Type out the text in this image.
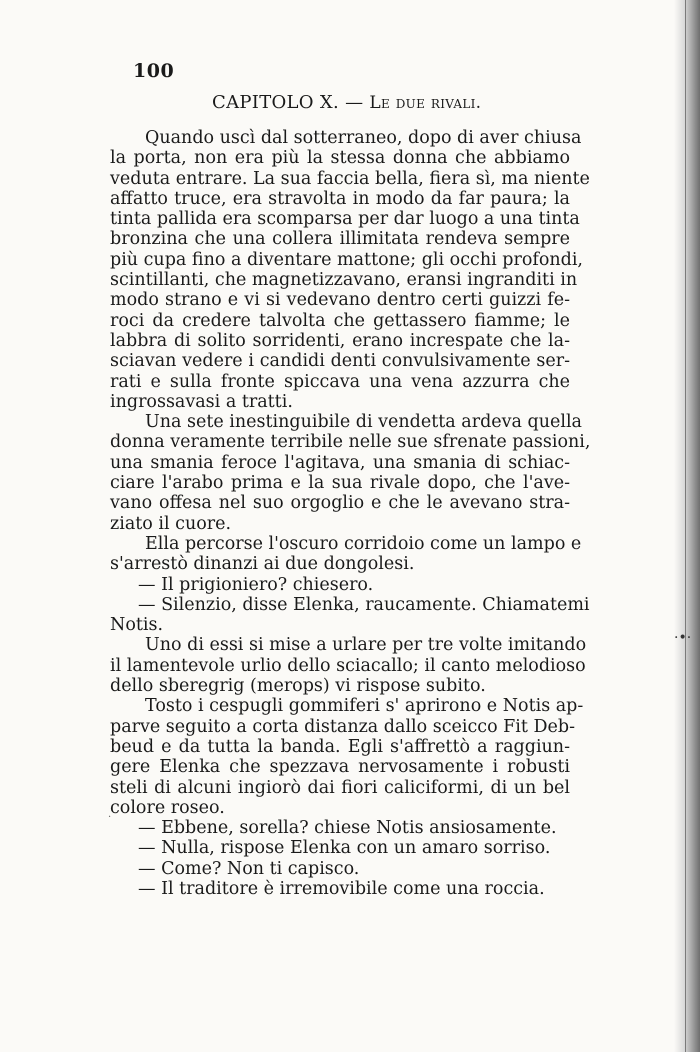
100
CAPITOLO X. — Le due rivali.
Quando uscì dal sotterraneo, dopo di aver chiusa
la porta, non era più la stessa donna che abbiamo
veduta entrare. La sua faccia bella, fiera sì, ma niente
affatto truce, era stravolta in modo da far paura; la
tinta pallida era scomparsa per dar luogo a una tinta
bronzina che una collera illimitata rendeva sempre
più cupa fino a diventare mattone; gli occhi profondi,
scintillanti, che magnetizzavano, eransi ingranditi in
modo strano e vi si vedevano dentro certi guizzi fe-
roci da credere talvolta che gettassero fiamme; le
labbra di solito sorridenti, erano increspate che la-
sciavan vedere i candidi denti convulsivamente ser-
rati e sulla fronte spiccava una vena azzurra che
ingrossavasi a tratti.
Una sete inestinguibile di vendetta ardeva quella
donna veramente terribile nelle sue sfrenate passioni,
una smania feroce l'agitava, una smania di schiac-
ciare l'arabo prima e la sua rivale dopo, che l'ave-
vano offesa nel suo orgoglio e che le avevano stra-
ziato il cuore.
Ella percorse l'oscuro corridoio come un lampo e
s'arrestò dinanzi ai due dongolesi.
— Il prigioniero? chiesero.
— Silenzio, disse Elenka, raucamente. Chiamatemi
Notis.
Uno di essi si mise a urlare per tre volte imitando
il lamentevole urlio dello sciacallo; il canto melodioso
dello sberegrig (merops) vi rispose subito.
Tosto i cespugli gommiferi s' aprirono e Notis ap-
parve seguito a corta distanza dallo sceicco Fit Deb-
beud e da tutta la banda. Egli s'affrettò a raggiun-
gere Elenka che spezzava nervosamente i robusti
steli di alcuni ingiorò dai fiori caliciformi, di un bel
colore roseo.
— Ebbene, sorella? chiese Notis ansiosamente.
— Nulla, rispose Elenka con un amaro sorriso.
— Come? Non ti capisco.
— Il traditore è irremovibile come una roccia.
·•·
·
